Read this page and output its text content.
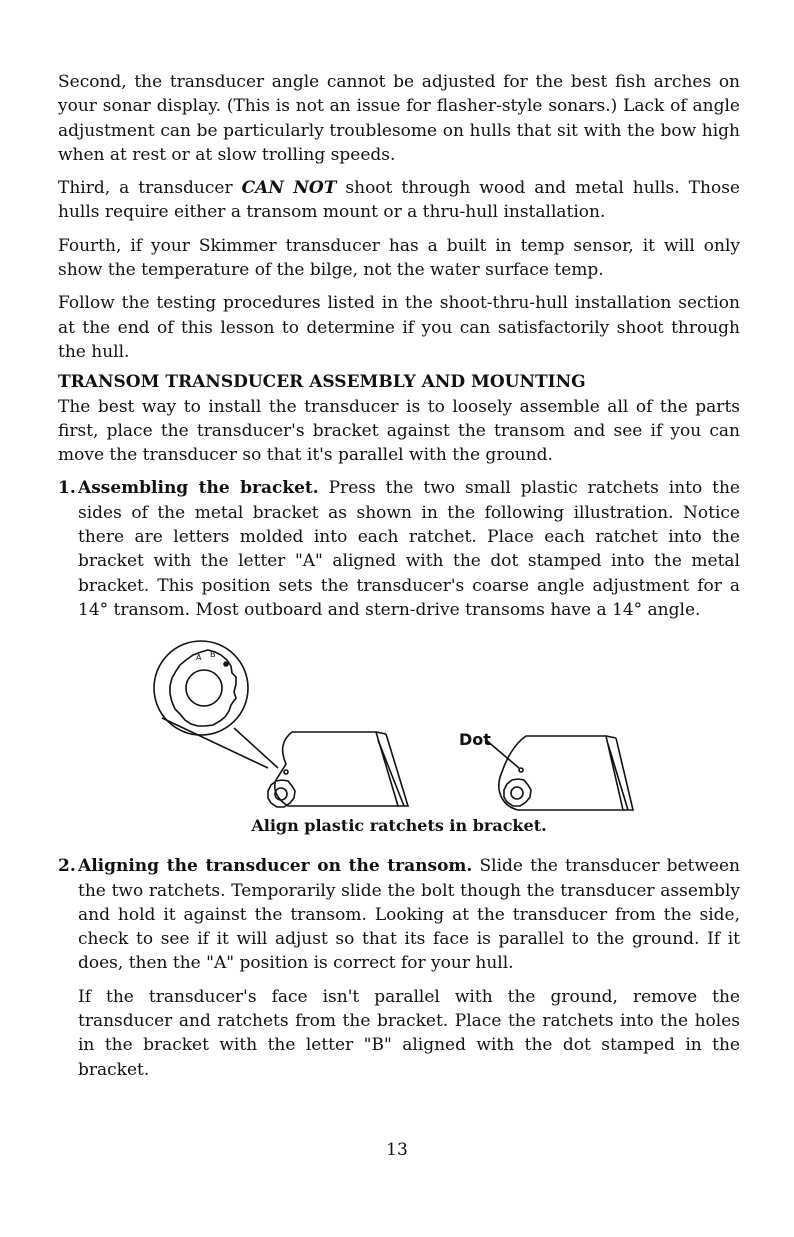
Second, the transducer angle cannot be adjusted for the best fish arches on your sonar display. (This is not an issue for flasher-style sonars.) Lack of angle adjustment can be particularly troublesome on hulls that sit with the bow high when at rest or at slow trolling speeds.

Third, a transducer CAN NOT shoot through wood and metal hulls. Those hulls require either a transom mount or a thru-hull installation.

Fourth, if your Skimmer transducer has a built in temp sensor, it will only show the temperature of the bilge, not the water surface temp.

Follow the testing procedures listed in the shoot-thru-hull installation section at the end of this lesson to determine if you can satisfactorily shoot through the hull.

TRANSOM TRANSDUCER ASSEMBLY AND MOUNTING

The best way to install the transducer is to loosely assemble all of the parts first, place the transducer's bracket against the transom and see if you can move the transducer so that it's parallel with the ground.

1. Assembling the bracket. Press the two small plastic ratchets into the sides of the metal bracket as shown in the following illustration. Notice there are letters molded into each ratchet. Place each ratchet into the bracket with the letter "A" aligned with the dot stamped into the metal bracket. This position sets the transducer's coarse angle adjustment for a 14° transom. Most outboard and stern-drive transoms have a 14° angle.

A B
Dot
Align plastic ratchets in bracket.
2. Aligning the transducer on the transom. Slide the transducer between the two ratchets. Temporarily slide the bolt though the transducer assembly and hold it against the transom. Looking at the transducer from the side, check to see if it will adjust so that its face is parallel to the ground. If it does, then the "A" position is correct for your hull.

If the transducer's face isn't parallel with the ground, remove the transducer and ratchets from the bracket. Place the ratchets into the holes in the bracket with the letter "B" aligned with the dot stamped in the bracket.

13
